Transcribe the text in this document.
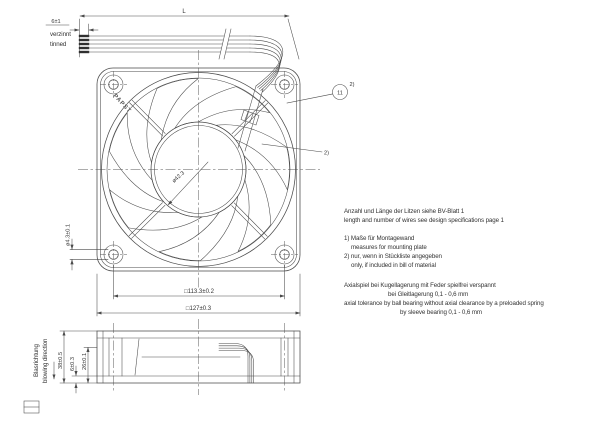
L
6±1
verzinnt
tinned
PAPST
ø42.3
11
2)
2)
□113.3±0.2
□127±0.3
ø4.3±0.1
38±0.5 6±0.3 26±0.1
Blasrichtung blowing direction
Anzahl und Länge der Litzen siehe BV-Blatt 1
length and number of wires see design specifications page 1
1) Maße für Montagewand
measures for mounting plate
2) nur, wenn in Stückliste angegeben
only, if included in bill of material
Axialspiel bei Kugellagerung mit Feder spielfrei verspannt
bei Gleitlagerung 0,1 - 0,6 mm
axial tolerance by ball bearing without axial clearance by a preloaded spring
by sleeve bearing 0,1 - 0,6 mm
